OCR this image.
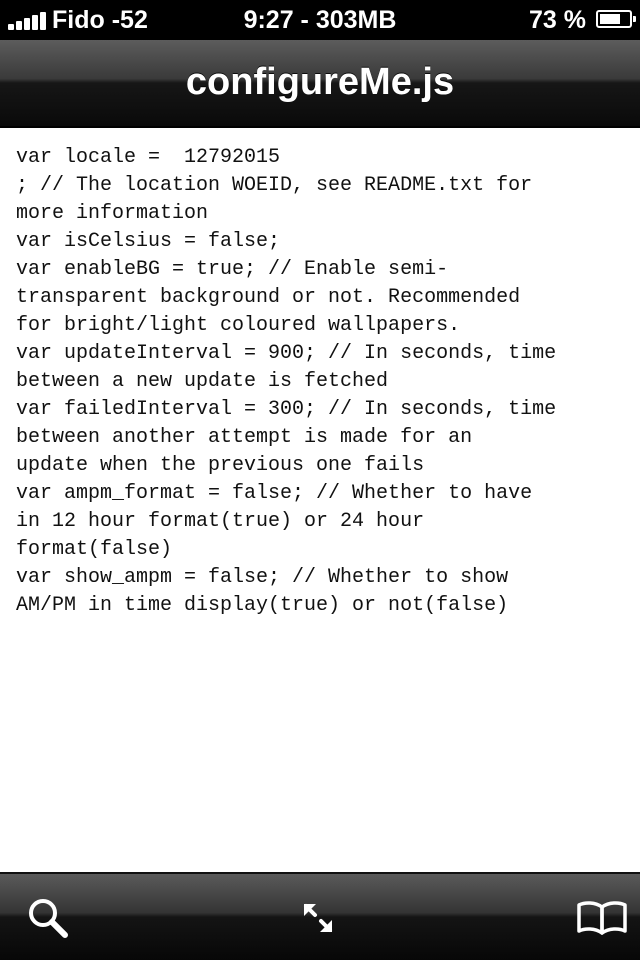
Fido -52	9:27 - 303MB	73 %
configureMe.js
var locale =  12792015
; // The location WOEID, see README.txt for
more information
var isCelsius = false;
var enableBG = true; // Enable semi-
transparent background or not. Recommended
for bright/light coloured wallpapers.
var updateInterval = 900; // In seconds, time
between a new update is fetched
var failedInterval = 300; // In seconds, time
between another attempt is made for an
update when the previous one fails
var ampm_format = false; // Whether to have
in 12 hour format(true) or 24 hour
format(false)
var show_ampm = false; // Whether to show
AM/PM in time display(true) or not(false)
